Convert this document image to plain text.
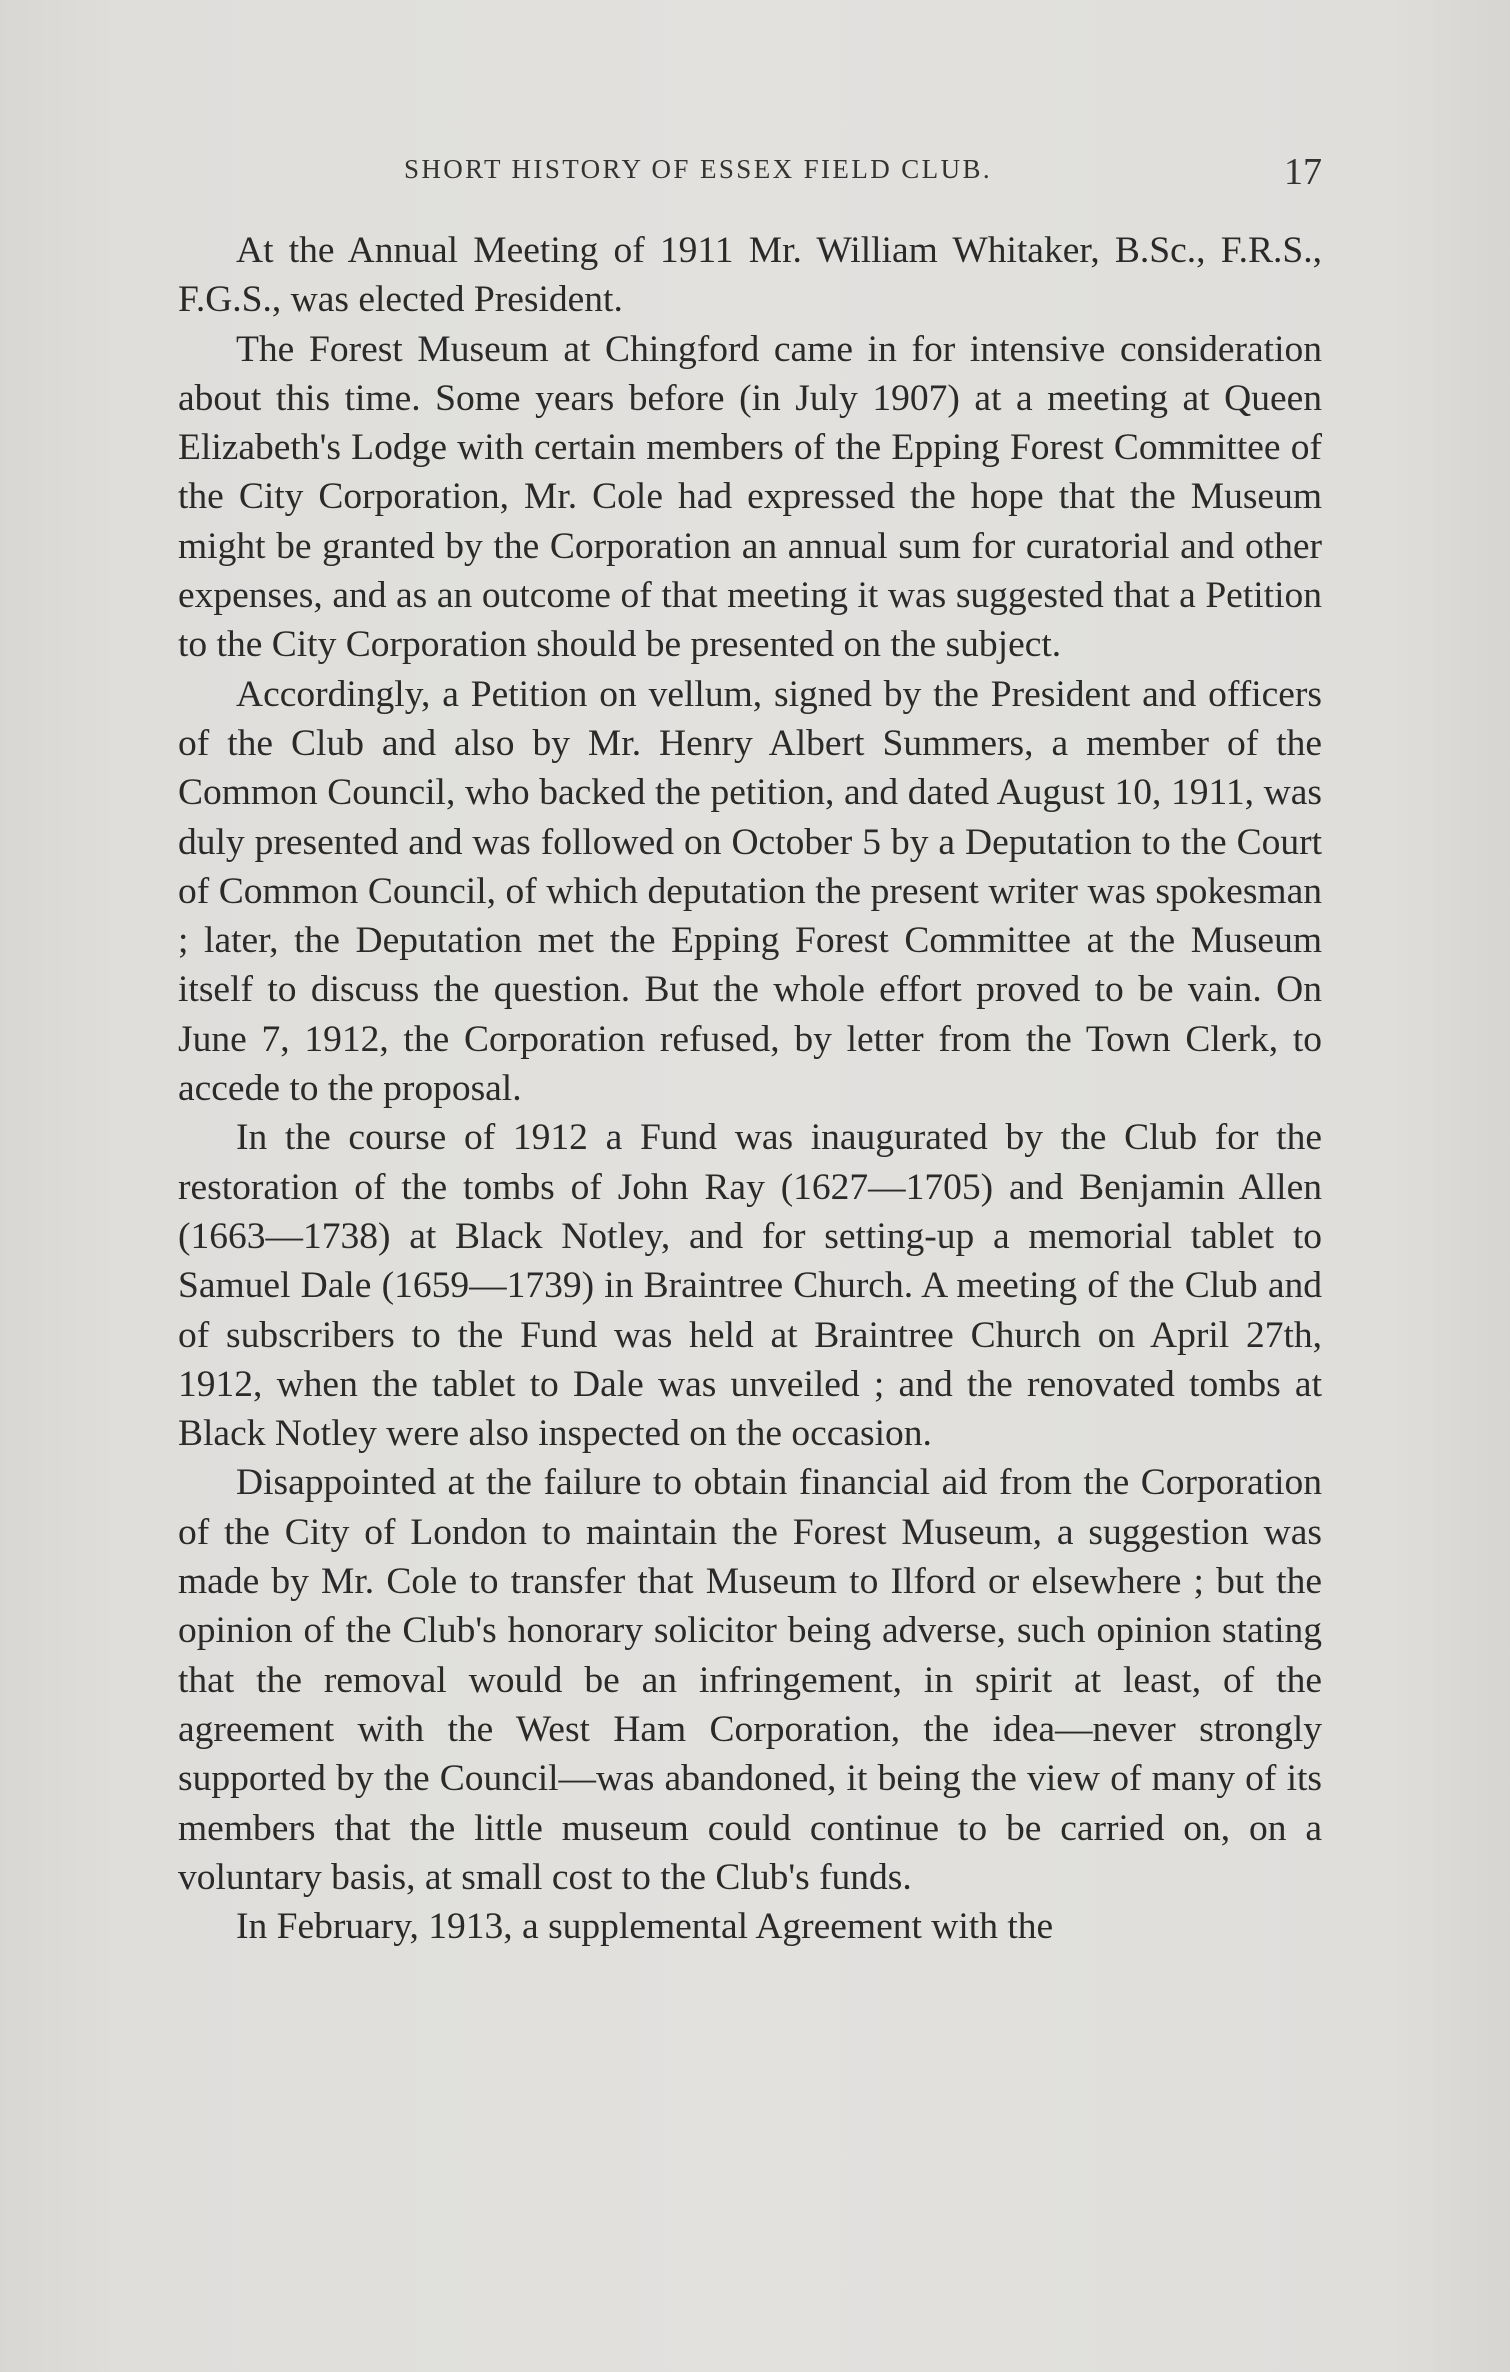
SHORT HISTORY OF ESSEX FIELD CLUB.	17

At the Annual Meeting of 1911 Mr. William Whitaker, B.Sc., F.R.S., F.G.S., was elected President.

The Forest Museum at Chingford came in for intensive consideration about this time. Some years before (in July 1907) at a meeting at Queen Elizabeth's Lodge with certain members of the Epping Forest Committee of the City Corporation, Mr. Cole had expressed the hope that the Museum might be granted by the Corporation an annual sum for curatorial and other expenses, and as an outcome of that meeting it was suggested that a Petition to the City Corporation should be presented on the subject.

Accordingly, a Petition on vellum, signed by the President and officers of the Club and also by Mr. Henry Albert Summers, a member of the Common Council, who backed the petition, and dated August 10, 1911, was duly presented and was followed on October 5 by a Deputation to the Court of Common Council, of which deputation the present writer was spokesman ; later, the Deputation met the Epping Forest Committee at the Museum itself to discuss the question. But the whole effort proved to be vain. On June 7, 1912, the Corporation refused, by letter from the Town Clerk, to accede to the proposal.

In the course of 1912 a Fund was inaugurated by the Club for the restoration of the tombs of John Ray (1627—1705) and Benjamin Allen (1663—1738) at Black Notley, and for setting-up a memorial tablet to Samuel Dale (1659—1739) in Braintree Church. A meeting of the Club and of subscribers to the Fund was held at Braintree Church on April 27th, 1912, when the tablet to Dale was unveiled ; and the renovated tombs at Black Notley were also inspected on the occasion.

Disappointed at the failure to obtain financial aid from the Corporation of the City of London to maintain the Forest Museum, a suggestion was made by Mr. Cole to transfer that Museum to Ilford or elsewhere ; but the opinion of the Club's honorary solicitor being adverse, such opinion stating that the removal would be an infringement, in spirit at least, of the agreement with the West Ham Corporation, the idea—never strongly supported by the Council—was abandoned, it being the view of many of its members that the little museum could continue to be carried on, on a voluntary basis, at small cost to the Club's funds.

In February, 1913, a supplemental Agreement with the
